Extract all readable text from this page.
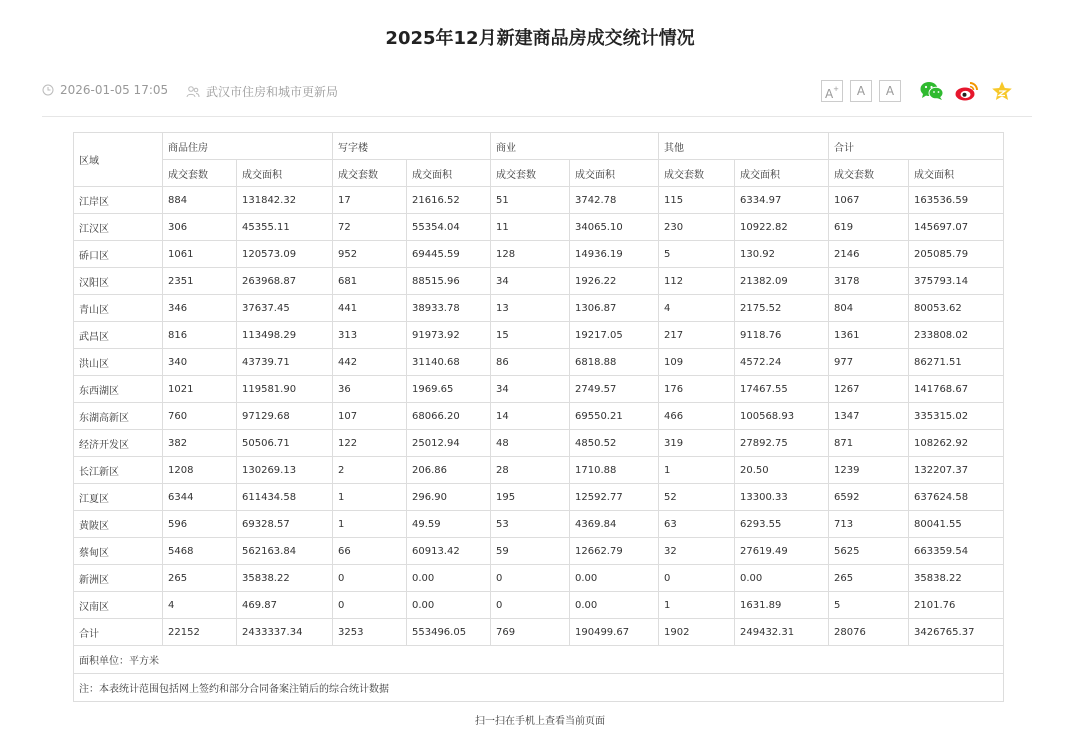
2025年12月新建商品房成交统计情况
2026-01-05 17:05	武汉市住房和城市更新局	A+	A	A
区域	商品住房		写字楼		商业		其他		合计	
	成交套数	成交面积	成交套数	成交面积	成交套数	成交面积	成交套数	成交面积	成交套数	成交面积
江岸区	884	131842.32	17	21616.52	51	3742.78	115	6334.97	1067	163536.59
江汉区	306	45355.11	72	55354.04	11	34065.10	230	10922.82	619	145697.07
硚口区	1061	120573.09	952	69445.59	128	14936.19	5	130.92	2146	205085.79
汉阳区	2351	263968.87	681	88515.96	34	1926.22	112	21382.09	3178	375793.14
青山区	346	37637.45	441	38933.78	13	1306.87	4	2175.52	804	80053.62
武昌区	816	113498.29	313	91973.92	15	19217.05	217	9118.76	1361	233808.02
洪山区	340	43739.71	442	31140.68	86	6818.88	109	4572.24	977	86271.51
东西湖区	1021	119581.90	36	1969.65	34	2749.57	176	17467.55	1267	141768.67
东湖高新区	760	97129.68	107	68066.20	14	69550.21	466	100568.93	1347	335315.02
经济开发区	382	50506.71	122	25012.94	48	4850.52	319	27892.75	871	108262.92
长江新区	1208	130269.13	2	206.86	28	1710.88	1	20.50	1239	132207.37
江夏区	6344	611434.58	1	296.90	195	12592.77	52	13300.33	6592	637624.58
黄陂区	596	69328.57	1	49.59	53	4369.84	63	6293.55	713	80041.55
蔡甸区	5468	562163.84	66	60913.42	59	12662.79	32	27619.49	5625	663359.54
新洲区	265	35838.22	0	0.00	0	0.00	0	0.00	265	35838.22
汉南区	4	469.87	0	0.00	0	0.00	1	1631.89	5	2101.76
合计	22152	2433337.34	3253	553496.05	769	190499.67	1902	249432.31	28076	3426765.37
面积单位：平方米										
注：本表统计范围包括网上签约和部分合同备案注销后的综合统计数据										
扫一扫在手机上查看当前页面
